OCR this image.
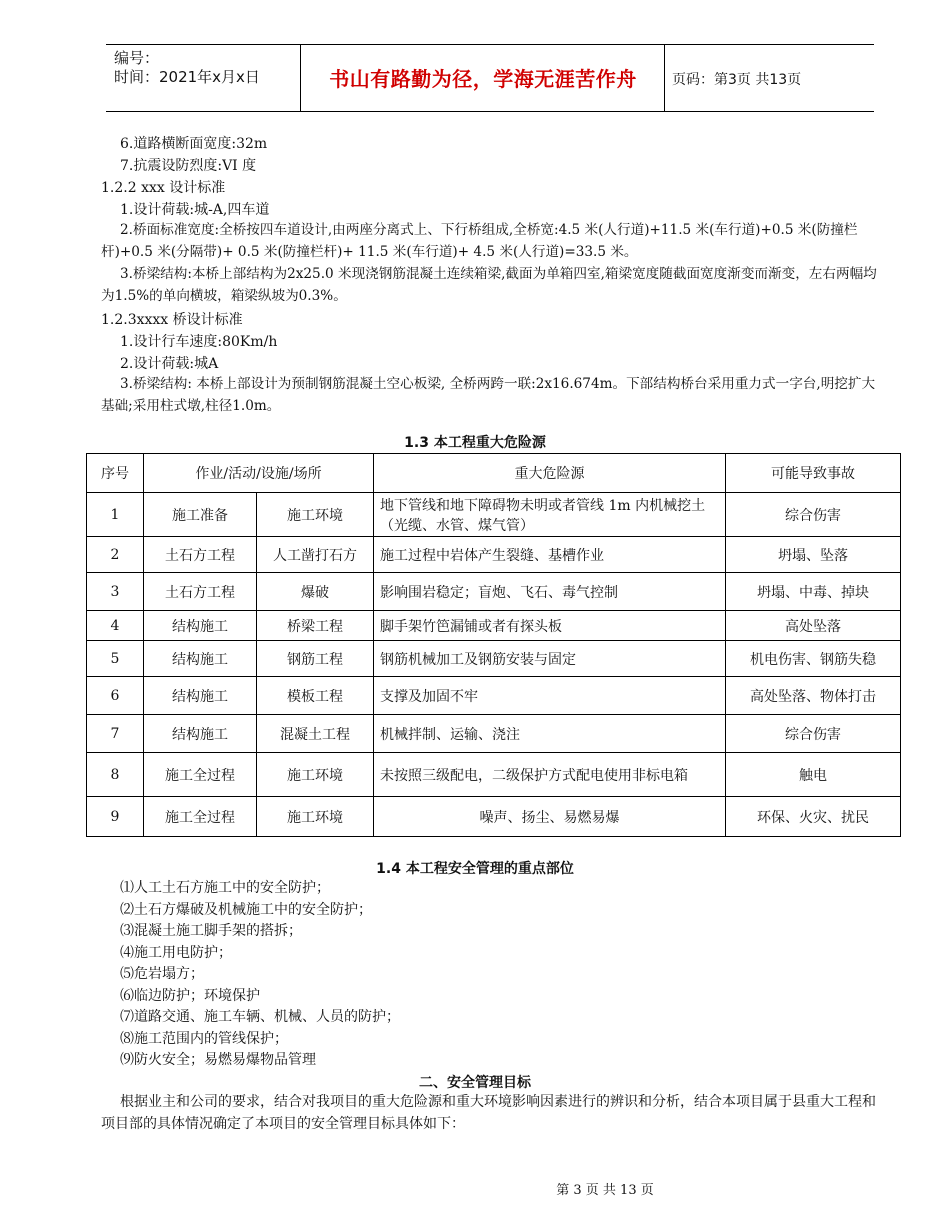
编号：
时间：2021年x月x日	书山有路勤为径，学海无涯苦作舟	页码：第3页 共13页
6.道路横断面宽度:32m
7.抗震设防烈度:VI 度
1.2.2 xxx 设计标准
1.设计荷载:城-A,四车道
2.桥面标准宽度:全桥按四车道设计,由两座分离式上、下行桥组成,全桥宽:4.5 米(人行道)+11.5 米(车行道)+0.5 米(防撞栏杆)+0.5 米(分隔带)+ 0.5 米(防撞栏杆)+ 11.5 米(车行道)+ 4.5 米(人行道)=33.5 米。
3.桥梁结构:本桥上部结构为2x25.0 米现浇钢筋混凝土连续箱梁,截面为单箱四室,箱梁宽度随截面宽度渐变而渐变，左右两幅均为1.5%的单向横坡，箱梁纵坡为0.3%。
1.2.3xxxx 桥设计标准
1.设计行车速度:80Km/h
2.设计荷载:城A
3.桥梁结构: 本桥上部设计为预制钢筋混凝土空心板梁, 全桥两跨一联:2x16.674m。下部结构桥台采用重力式一字台,明挖扩大基础;采用柱式墩,柱径1.0m。
1.3 本工程重大危险源
序号	作业/活动/设施/场所		重大危险源	可能导致事故
1	施工准备	施工环境	地下管线和地下障碍物未明或者管线 1m 内机械挖土（光缆、水管、煤气管）	综合伤害
2	土石方工程	人工凿打石方	施工过程中岩体产生裂缝、基槽作业	坍塌、坠落
3	土石方工程	爆破	影响围岩稳定；盲炮、飞石、毒气控制	坍塌、中毒、掉块
4	结构施工	桥梁工程	脚手架竹笆漏铺或者有探头板	高处坠落
5	结构施工	钢筋工程	钢筋机械加工及钢筋安装与固定	机电伤害、钢筋失稳
6	结构施工	模板工程	支撑及加固不牢	高处坠落、物体打击
7	结构施工	混凝土工程	机械拌制、运输、浇注	综合伤害
8	施工全过程	施工环境	未按照三级配电，二级保护方式配电使用非标电箱	触电
9	施工全过程	施工环境	噪声、扬尘、易燃易爆	环保、火灾、扰民
1.4 本工程安全管理的重点部位
⑴人工土石方施工中的安全防护；
⑵土石方爆破及机械施工中的安全防护；
⑶混凝土施工脚手架的搭拆；
⑷施工用电防护；
⑸危岩塌方；
⑹临边防护；环境保护
⑺道路交通、施工车辆、机械、人员的防护；
⑻施工范围内的管线保护；
⑼防火安全；易燃易爆物品管理
二、安全管理目标
根据业主和公司的要求，结合对我项目的重大危险源和重大环境影响因素进行的辨识和分析，结合本项目属于县重大工程和项目部的具体情况确定了本项目的安全管理目标具体如下：
第 3 页 共 13 页
